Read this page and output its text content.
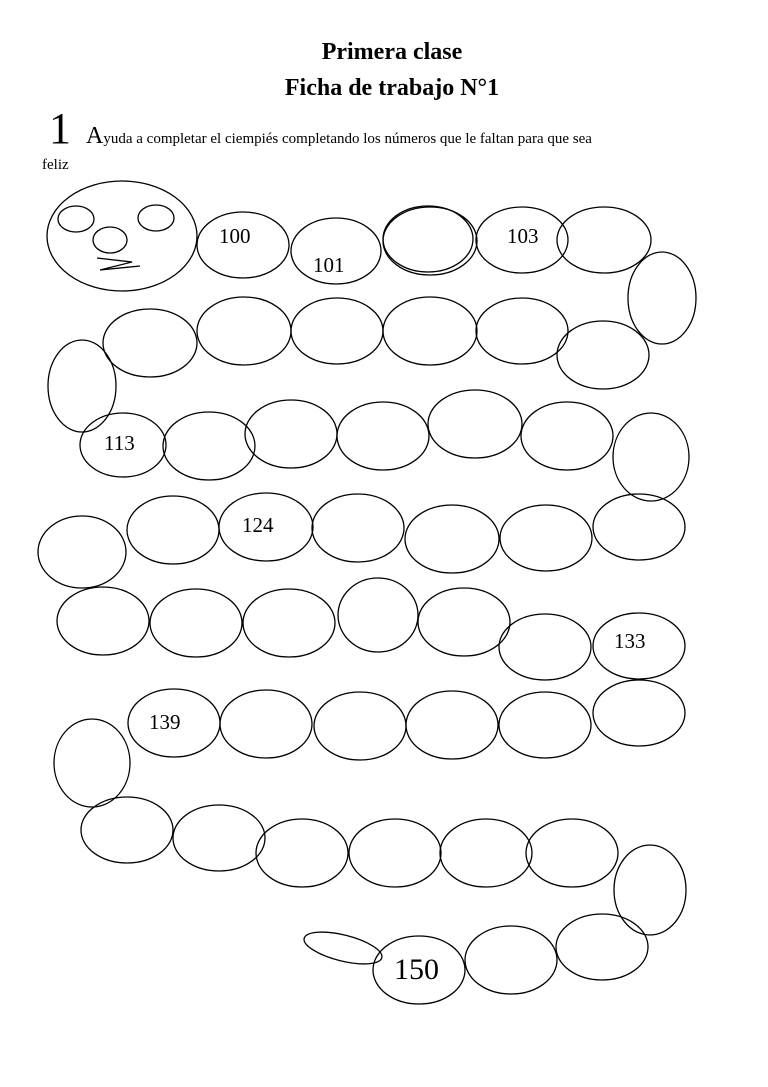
Primera clase
Ficha de trabajo N°1
1 Ayuda a completar el ciempiés completando los números que le faltan para que sea
feliz
100
101
103
113
124
133
139
150
